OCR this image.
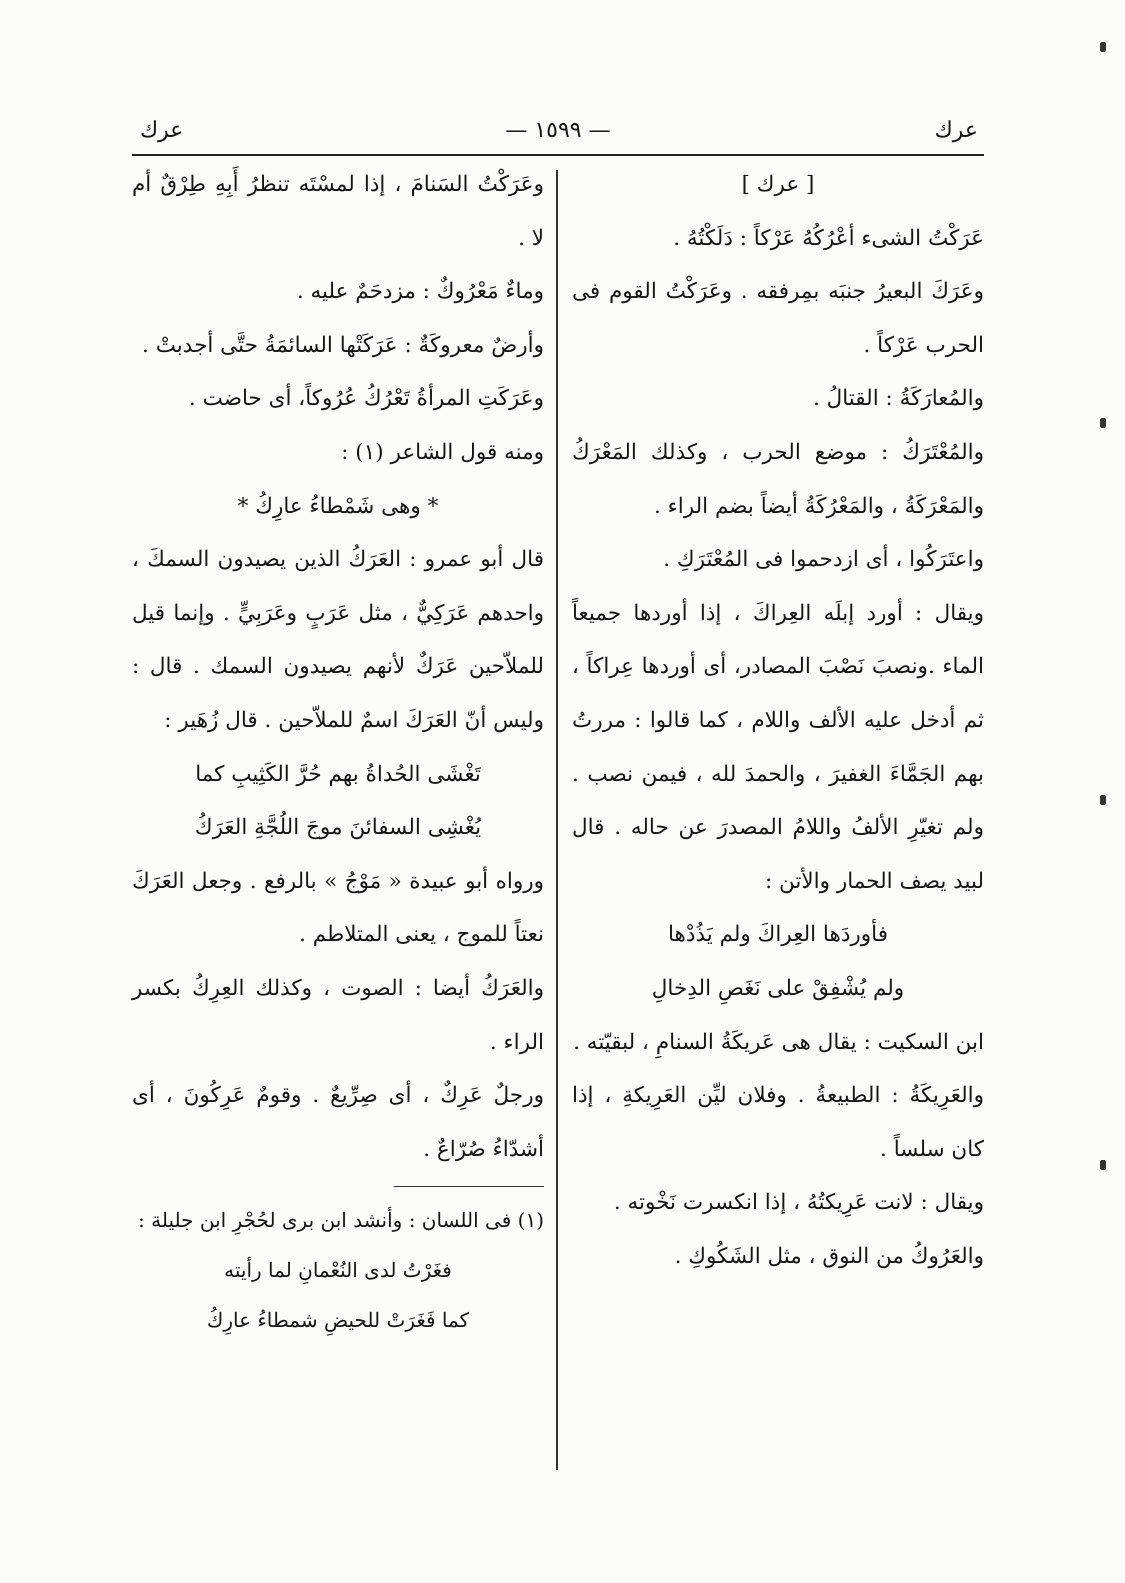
عرك
— ١٥٩٩ —
عرك

[ عرك ]

عَرَكْتُ الشىء أعْرُكُهُ عَرْكاً : دَلَكْتُهُ .

وعَرَكَ البعيرُ جنبَه بمِرفقه . وعَرَكْتُ القوم فى الحرب عَرْكاً .

والمُعارَكَةُ : القتالُ .

والمُعْتَرَكُ : موضع الحرب ، وكذلك المَعْرَكُ والمَعْرَكَةُ ، والمَعْرُكَةُ أيضاً بضم الراء .

واعتَرَكُوا ، أى ازدحموا فى المُعْتَرَكِ .

ويقال : أورد إبلَه العِراكَ ، إذا أوردها جميعاً الماء .ونصبَ نَصْبَ المصادر، أى أوردها عِراكاً ، ثم أدخل عليه الألف واللام ، كما قالوا : مررتُ بهم الجَمَّاءَ الغفيرَ ، والحمدَ لله ، فيمن نصب . ولم تغيّرِ الألفُ واللامُ المصدرَ عن حاله . قال لبيد يصف الحمار والأتن :

فأوردَها العِراكَ ولم يَذُدْها

ولم يُشْفِقْ على نَغَصِ الدِخالِ

ابن السكيت : يقال هى عَريكَةُ السنامِ ، لبقيّته .

والعَرِيكَةُ : الطبيعةُ . وفلان ليِّن العَرِيكةِ ، إذا كان سلساً .

ويقال : لانت عَرِيكتُهُ ، إذا انكسرت نَخْوته .

والعَرُوكُ من النوق ، مثل الشَكُوكِ .

وعَرَكْتُ السَنامَ ، إذا لمسْتَه تنظرُ أَبِهِ طِرْقٌ أم لا .

وماءٌ مَعْرُوكٌ : مزدحَمٌ عليه .

وأرضٌ معروكَةٌ : عَرَكَتْها السائمَةُ حتَّى أجدبتْ .

وعَرَكَتِ المرأةُ تَعْرُكُ عُرُوكاً، أى حاضت .

ومنه قول الشاعر (١) :

* وهى شَمْطاءُ عارِكُ *

قال أبو عمرو : العَرَكُ الذين يصيدون السمكَ ، واحدهم عَرَكِيٌّ ، مثل عَرَبٍ وعَرَبِيٍّ . وإنما قيل للملاّحين عَرَكٌ لأنهم يصيدون السمك . قال : وليس أنّ العَرَكَ اسمٌ للملاّحين . قال زُهَير :

تَغْشَى الحُداةُ بهم حُرَّ الكَثِيبِ كما

يُغْشِى السفائنَ موجَ اللُجَّةِ العَرَكُ

ورواه أبو عبيدة « مَوْجُ » بالرفع . وجعل العَرَكَ نعتاً للموج ، يعنى المتلاطم .

والعَرَكُ أيضا : الصوت ، وكذلك العِرِكُ بكسر الراء .

ورجلٌ عَرِكٌ ، أى صِرِّيعٌ . وقومٌ عَرِكُونَ ، أى أشدّاءُ صُرّاعٌ .

(١) فى اللسان : وأنشد ابن برى لحُجْرِ ابن جليلة :

فغَرْتُ لدى النُعْمانِ لما رأيته

كما فَغَرَتْ للحيضِ شمطاءُ عارِكُ
